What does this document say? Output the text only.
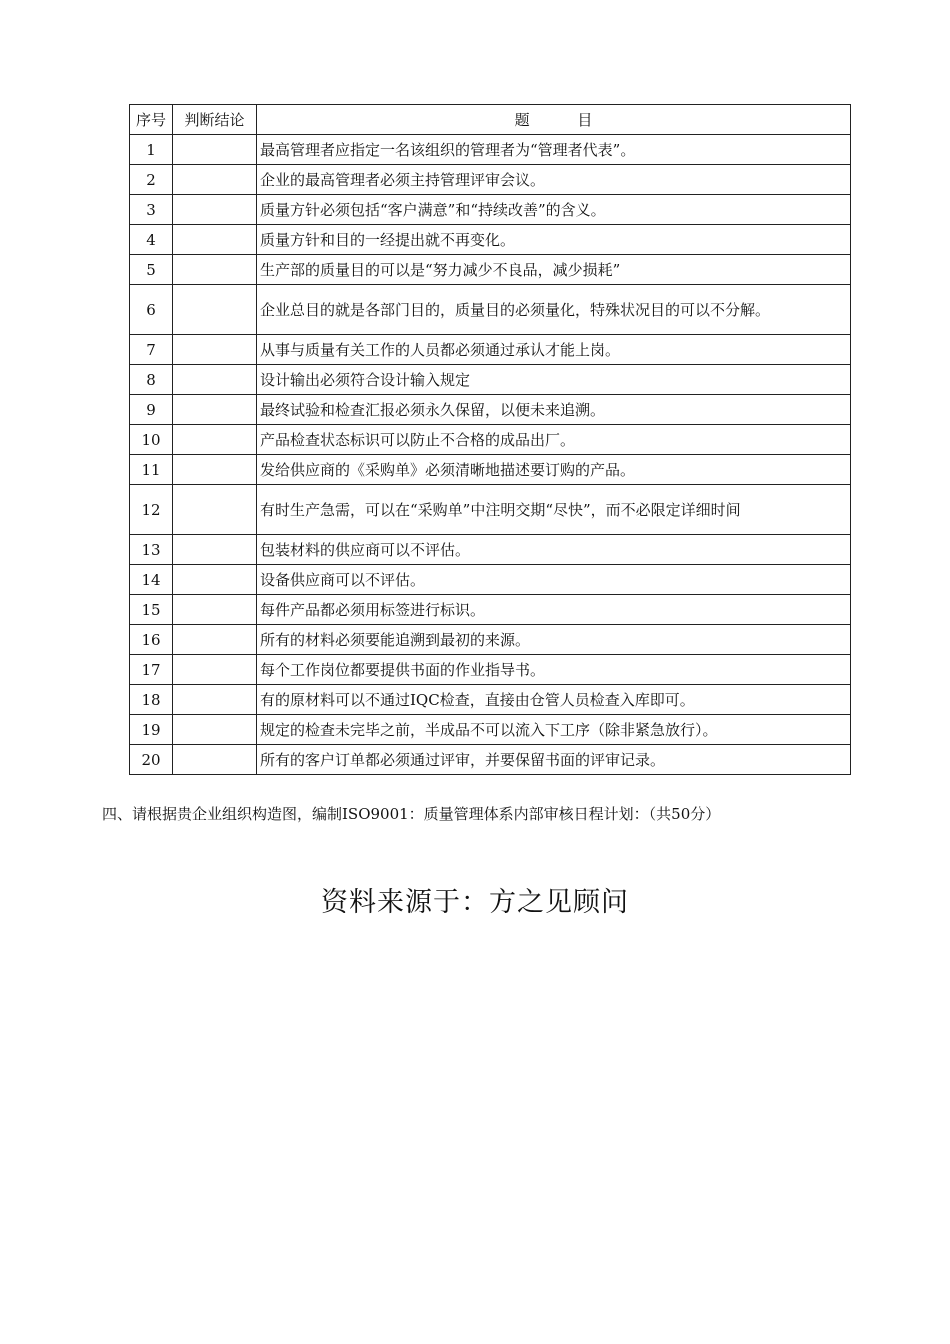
序号	判断结论	题          目
1		最高管理者应指定一名该组织的管理者为“管理者代表”。
2		企业的最高管理者必须主持管理评审会议。
3		质量方针必须包括“客户满意”和“持续改善”的含义。
4		质量方针和目的一经提出就不再变化。
5		生产部的质量目的可以是“努力减少不良品，减少损耗”
6		企业总目的就是各部门目的，质量目的必须量化，特殊状况目的可以不分解。
7		从事与质量有关工作的人员都必须通过承认才能上岗。
8		设计输出必须符合设计输入规定
9		最终试验和检查汇报必须永久保留，以便未来追溯。
10		产品检查状态标识可以防止不合格的成品出厂。
11		发给供应商的《采购单》必须清晰地描述要订购的产品。
12		有时生产急需，可以在“采购单”中注明交期“尽快”，而不必限定详细时间
13		包装材料的供应商可以不评估。
14		设备供应商可以不评估。
15		每件产品都必须用标签进行标识。
16		所有的材料必须要能追溯到最初的来源。
17		每个工作岗位都要提供书面的作业指导书。
18		有的原材料可以不通过IQC检查，直接由仓管人员检查入库即可。
19		规定的检查未完毕之前，半成品不可以流入下工序（除非紧急放行）。
20		所有的客户订单都必须通过评审，并要保留书面的评审记录。
四、请根据贵企业组织构造图，编制ISO9001：质量管理体系内部审核日程计划：（共50分）
资料来源于：方之见顾问
